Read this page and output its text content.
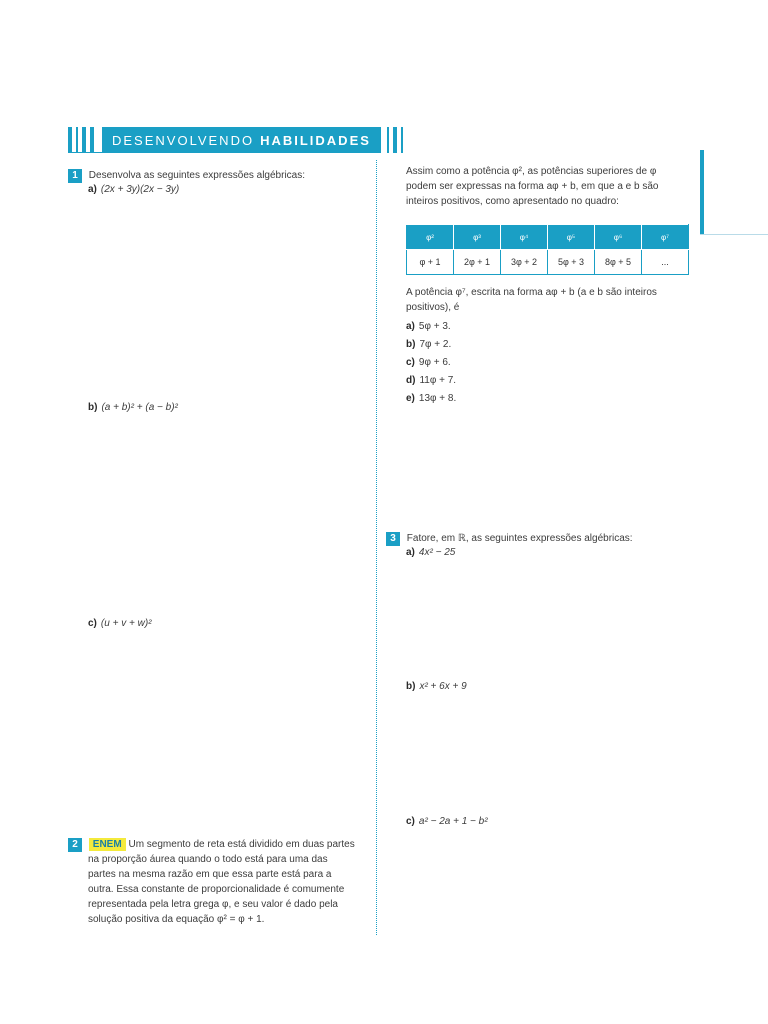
DESENVOLVENDO HABILIDADES
1 Desenvolva as seguintes expressões algébricas:
a) (2x + 3y)(2x − 3y)
b) (a + b)² + (a − b)²
c) (u + v + w)²
2 ENEM Um segmento de reta está dividido em duas partes
na proporção áurea quando o todo está para uma das
partes na mesma razão em que essa parte está para a
outra. Essa constante de proporcionalidade é comumente
representada pela letra grega φ, e seu valor é dado pela
solução positiva da equação φ² = φ + 1.
Assim como a potência φ², as potências superiores de φ
podem ser expressas na forma aφ + b, em que a e b são
inteiros positivos, como apresentado no quadro:
φ²	φ³	φ⁴	φ⁵	φ⁶	φ⁷
φ + 1	2φ + 1	3φ + 2	5φ + 3	8φ + 5	...
A potência φ⁷, escrita na forma aφ + b (a e b são inteiros
positivos), é
a) 5φ + 3.
b) 7φ + 2.
c) 9φ + 6.
d) 11φ + 7.
e) 13φ + 8.
3 Fatore, em ℝ, as seguintes expressões algébricas:
a) 4x² − 25
b) x² + 6x + 9
c) a² − 2a + 1 − b²
